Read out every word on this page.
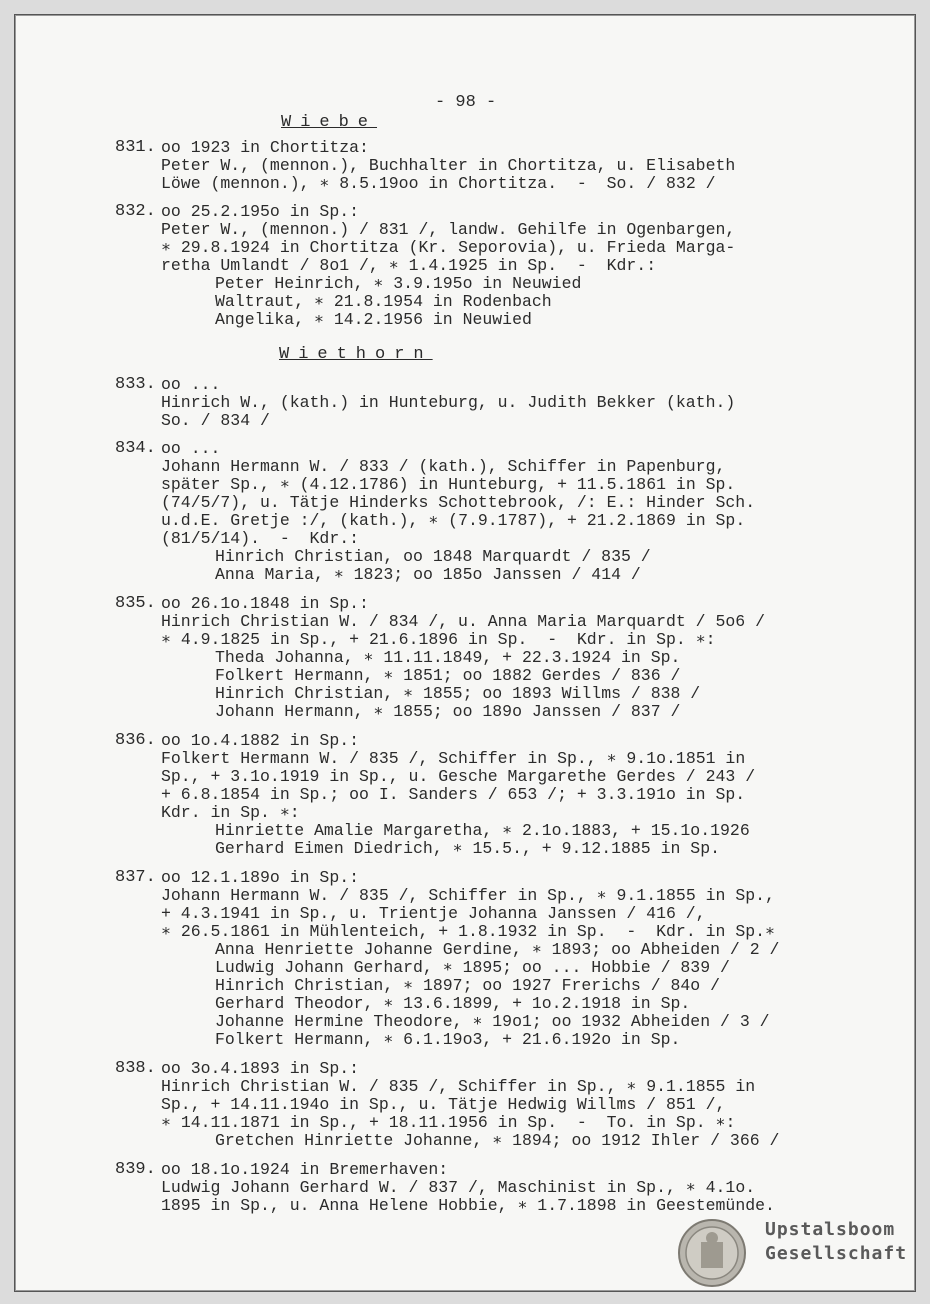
- 98 -
Wiebe
831. oo 1923 in Chortitza:
Peter W., (mennon.), Buchhalter in Chortitza, u. Elisabeth
Löwe (mennon.), ∗ 8.5.19oo in Chortitza.  -  So. / 832 /
832. oo 25.2.195o in Sp.:
Peter W., (mennon.) / 831 /, landw. Gehilfe in Ogenbargen,
∗ 29.8.1924 in Chortitza (Kr. Seporovia), u. Frieda Marga-
retha Umlandt / 8o1 /, ∗ 1.4.1925 in Sp.  -  Kdr.:
Peter Heinrich, ∗ 3.9.195o in Neuwied
Waltraut, ∗ 21.8.1954 in Rodenbach
Angelika, ∗ 14.2.1956 in Neuwied
Wiethorn
833. oo ...
Hinrich W., (kath.) in Hunteburg, u. Judith Bekker (kath.)
So. / 834 /
834. oo ...
Johann Hermann W. / 833 / (kath.), Schiffer in Papenburg,
später Sp., ∗ (4.12.1786) in Hunteburg, + 11.5.1861 in Sp.
(74/5/7), u. Tätje Hinderks Schottebrook, /: E.: Hinder Sch.
u.d.E. Gretje :/, (kath.), ∗ (7.9.1787), + 21.2.1869 in Sp.
(81/5/14).  -  Kdr.:
Hinrich Christian, oo 1848 Marquardt / 835 /
Anna Maria, ∗ 1823; oo 185o Janssen / 414 /
835. oo 26.1o.1848 in Sp.:
Hinrich Christian W. / 834 /, u. Anna Maria Marquardt / 5o6 /
∗ 4.9.1825 in Sp., + 21.6.1896 in Sp.  -  Kdr. in Sp. ∗:
Theda Johanna, ∗ 11.11.1849, + 22.3.1924 in Sp.
Folkert Hermann, ∗ 1851; oo 1882 Gerdes / 836 /
Hinrich Christian, ∗ 1855; oo 1893 Willms / 838 /
Johann Hermann, ∗ 1855; oo 189o Janssen / 837 /
836. oo 1o.4.1882 in Sp.:
Folkert Hermann W. / 835 /, Schiffer in Sp., ∗ 9.1o.1851 in
Sp., + 3.1o.1919 in Sp., u. Gesche Margarethe Gerdes / 243 /
+ 6.8.1854 in Sp.; oo I. Sanders / 653 /; + 3.3.191o in Sp.
Kdr. in Sp. ∗:
Hinriette Amalie Margaretha, ∗ 2.1o.1883, + 15.1o.1926
Gerhard Eimen Diedrich, ∗ 15.5., + 9.12.1885 in Sp.
837. oo 12.1.189o in Sp.:
Johann Hermann W. / 835 /, Schiffer in Sp., ∗ 9.1.1855 in Sp.,
+ 4.3.1941 in Sp., u. Trientje Johanna Janssen / 416 /,
∗ 26.5.1861 in Mühlenteich, + 1.8.1932 in Sp.  -  Kdr. in Sp.∗
Anna Henriette Johanne Gerdine, ∗ 1893; oo Abheiden / 2 /
Ludwig Johann Gerhard, ∗ 1895; oo ... Hobbie / 839 /
Hinrich Christian, ∗ 1897; oo 1927 Frerichs / 84o /
Gerhard Theodor, ∗ 13.6.1899, + 1o.2.1918 in Sp.
Johanne Hermine Theodore, ∗ 19o1; oo 1932 Abheiden / 3 /
Folkert Hermann, ∗ 6.1.19o3, + 21.6.192o in Sp.
838. oo 3o.4.1893 in Sp.:
Hinrich Christian W. / 835 /, Schiffer in Sp., ∗ 9.1.1855 in
Sp., + 14.11.194o in Sp., u. Tätje Hedwig Willms / 851 /,
∗ 14.11.1871 in Sp., + 18.11.1956 in Sp.  -  To. in Sp. ∗:
Gretchen Hinriette Johanne, ∗ 1894; oo 1912 Ihler / 366 /
839. oo 18.1o.1924 in Bremerhaven:
Ludwig Johann Gerhard W. / 837 /, Maschinist in Sp., ∗ 4.1o.
1895 in Sp., u. Anna Helene Hobbie, ∗ 1.7.1898 in Geestemünde.
Upstalsboom
Gesellschaft
